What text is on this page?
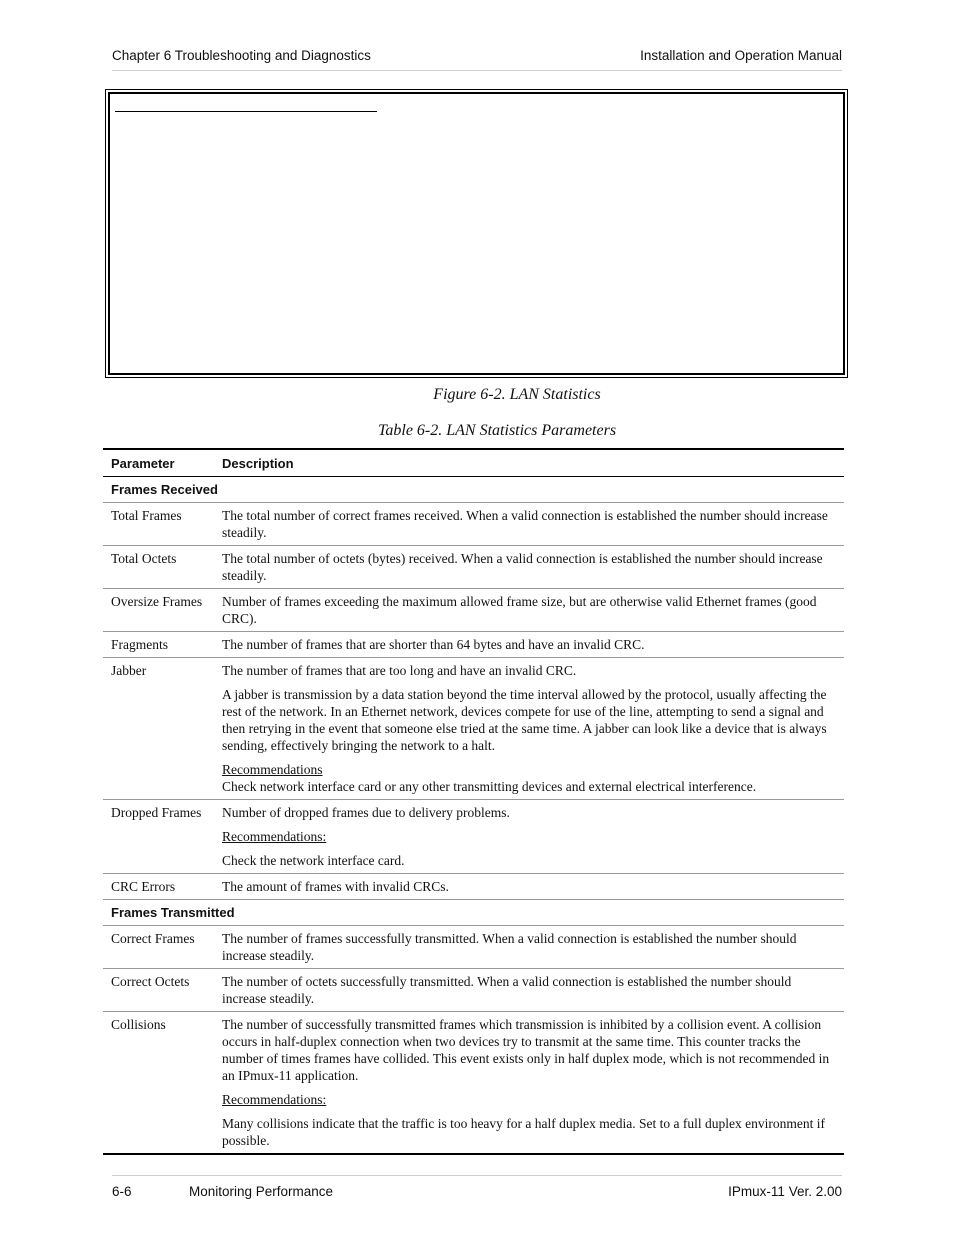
Chapter 6 Troubleshooting and Diagnostics	Installation and Operation Manual
Figure 6-2. LAN Statistics
Table 6-2. LAN Statistics Parameters
Parameter	Description
Frames Received	
Total Frames	The total number of correct frames received. When a valid connection is established the number should increase steadily.
Total Octets	The total number of octets (bytes) received. When a valid connection is established the number should increase steadily.
Oversize Frames	Number of frames exceeding the maximum allowed frame size, but are otherwise valid Ethernet frames (good CRC).
Fragments	The number of frames that are shorter than 64 bytes and have an invalid CRC.
Jabber	The number of frames that are too long and have an invalid CRC.

A jabber is transmission by a data station beyond the time interval allowed by the protocol, usually affecting the rest of the network. In an Ethernet network, devices compete for use of the line, attempting to send a signal and then retrying in the event that someone else tried at the same time. A jabber can look like a device that is always sending, effectively bringing the network to a halt.

Recommendations
Check network interface card or any other transmitting devices and external electrical interference.

Dropped Frames	Number of dropped frames due to delivery problems.

Recommendations:

Check the network interface card.

CRC Errors	The amount of frames with invalid CRCs.
Frames Transmitted	
Correct Frames	The number of frames successfully transmitted. When a valid connection is established the number should increase steadily.
Correct Octets	The number of octets successfully transmitted. When a valid connection is established the number should increase steadily.
Collisions	The number of successfully transmitted frames which transmission is inhibited by a collision event. A collision occurs in half-duplex connection when two devices try to transmit at the same time. This counter tracks the number of times frames have collided. This event exists only in half duplex mode, which is not recommended in an IPmux-11 application.

Recommendations:

Many collisions indicate that the traffic is too heavy for a half duplex media. Set to a full duplex environment if possible.

6-6	Monitoring Performance	IPmux-11 Ver. 2.00
